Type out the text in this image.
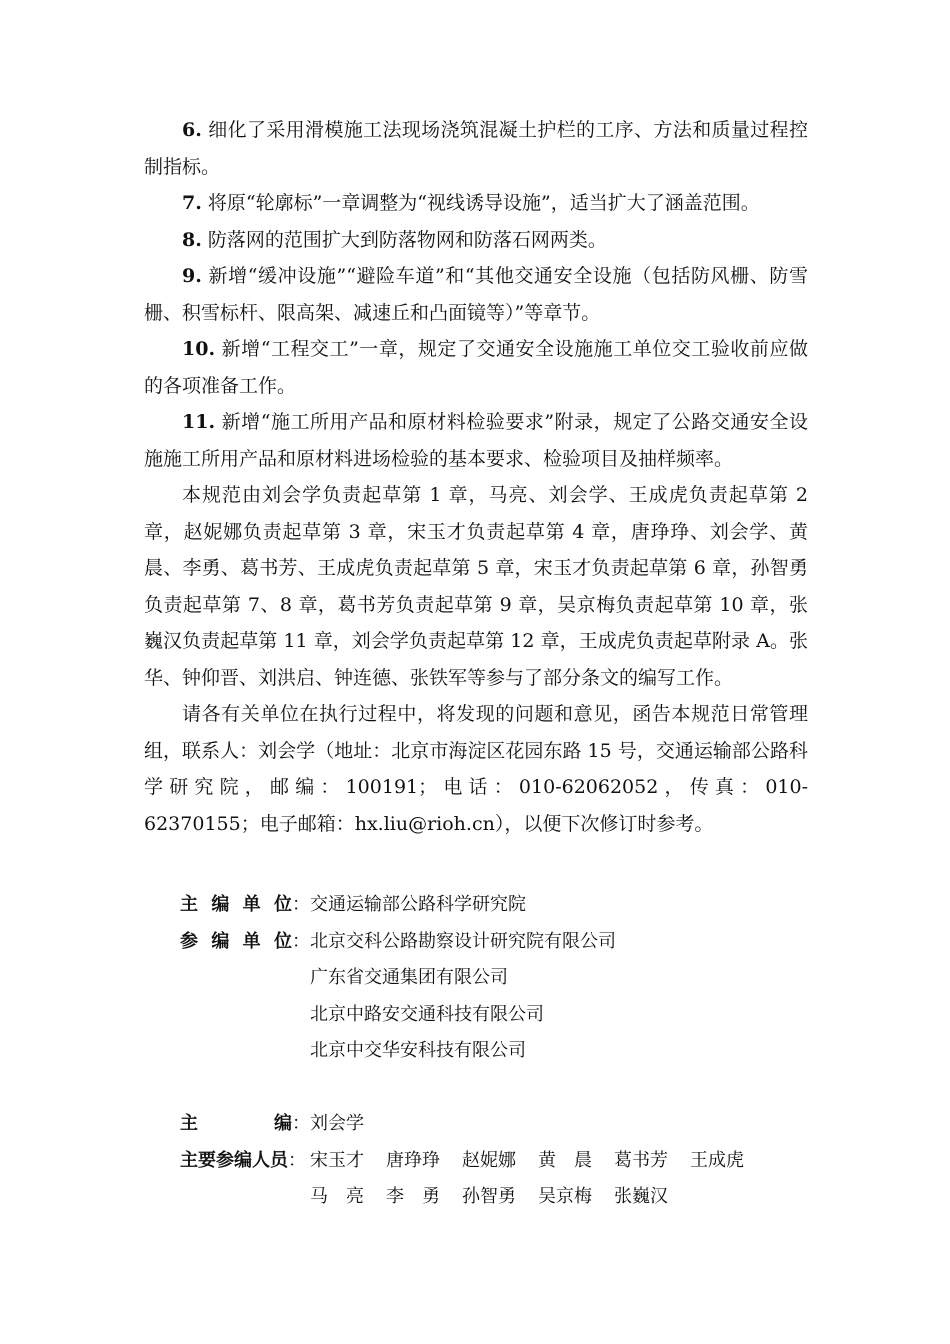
6. 细化了采用滑模施工法现场浇筑混凝土护栏的工序、方法和质量过程控制指标。

7. 将原“轮廓标”一章调整为“视线诱导设施”，适当扩大了涵盖范围。

8. 防落网的范围扩大到防落物网和防落石网两类。

9. 新增“缓冲设施”“避险车道”和“其他交通安全设施（包括防风栅、防雪栅、积雪标杆、限高架、减速丘和凸面镜等）”等章节。

10. 新增“工程交工”一章，规定了交通安全设施施工单位交工验收前应做的各项准备工作。

11. 新增“施工所用产品和原材料检验要求”附录，规定了公路交通安全设施施工所用产品和原材料进场检验的基本要求、检验项目及抽样频率。

本规范由刘会学负责起草第 1 章，马亮、刘会学、王成虎负责起草第 2 章，赵妮娜负责起草第 3 章，宋玉才负责起草第 4 章，唐琤琤、刘会学、黄晨、李勇、葛书芳、王成虎负责起草第 5 章，宋玉才负责起草第 6 章，孙智勇负责起草第 7、8 章，葛书芳负责起草第 9 章，吴京梅负责起草第 10 章，张巍汉负责起草第 11 章，刘会学负责起草第 12 章，王成虎负责起草附录 A。张华、钟仰晋、刘洪启、钟连德、张铁军等参与了部分条文的编写工作。

请各有关单位在执行过程中，将发现的问题和意见，函告本规范日常管理组，联系人：刘会学（地址：北京市海淀区花园东路 15 号，交通运输部公路科学研究院，邮编：100191；电话：010-62062052，传真：010-62370155；电子邮箱：hx.liu@rioh.cn），以便下次修订时参考。

主 编 单 位： 交通运输部公路科学研究院
参 编 单 位： 北京交科公路勘察设计研究院有限公司
广东省交通集团有限公司
北京中路安交通科技有限公司
北京中交华安科技有限公司
主	编： 刘会学
主要参编人员： 宋玉才 唐琤琤 赵妮娜 黄　晨 葛书芳 王成虎
马　亮 李　勇 孙智勇 吴京梅 张巍汉
